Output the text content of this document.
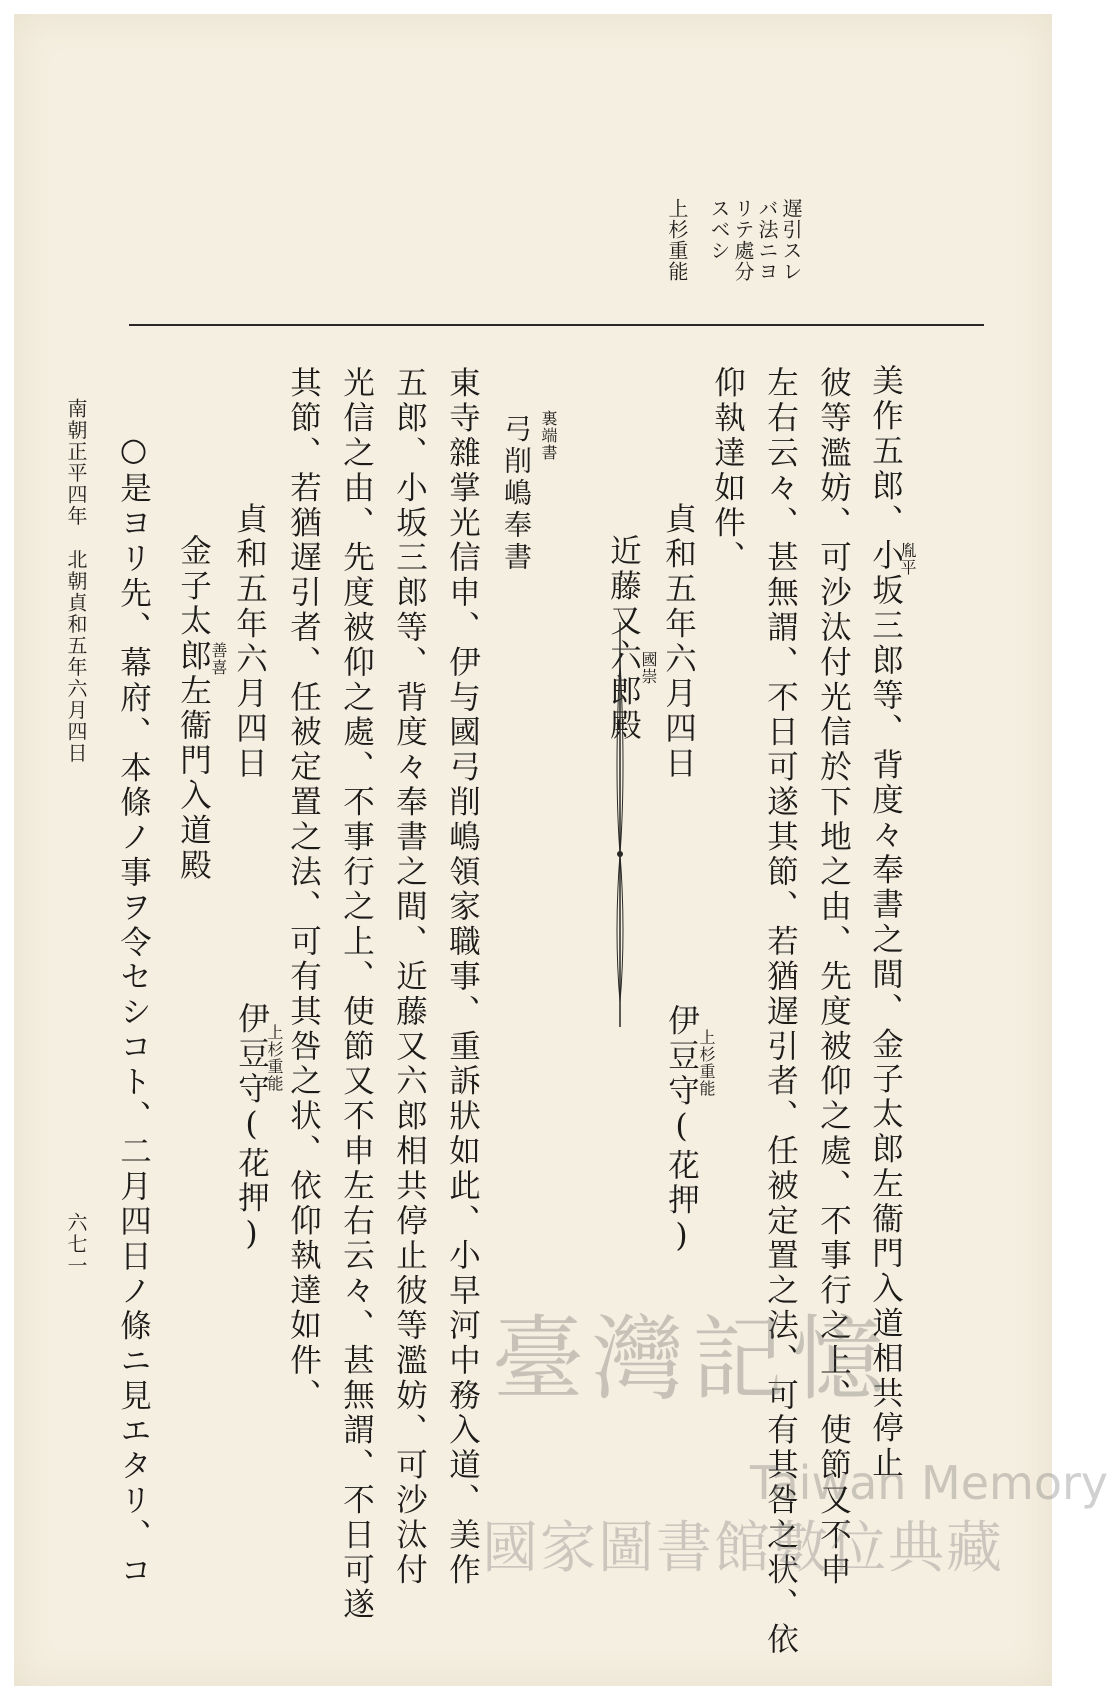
遅引スレ
バ法ニヨ
リテ處分
スベシ
上杉重能
美作五郎、小坂三郎等、背度々奉書之間、金子太郎左衞門入道相共停止
胤平
彼等濫妨、可沙汰付光信於下地之由、先度被仰之處、不事行之上、使節又不申
左右云々、甚無謂、不日可遂其節、若猶遅引者、任被定置之法、可有其咎之状、依
仰執達如件、
貞和五年六月四日
上杉重能
伊豆守(花押)
國崇
近藤又六郎殿
裏端書
弓削嶋奉書
東寺雜掌光信申、伊与國弓削嶋領家職事、重訴狀如此、小早河中務入道、美作
五郎、小坂三郎等、背度々奉書之間、近藤又六郎相共停止彼等濫妨、可沙汰付
光信之由、先度被仰之處、不事行之上、使節又不申左右云々、甚無謂、不日可遂
其節、若猶遅引者、任被定置之法、可有其咎之状、依仰執達如件、
貞和五年六月四日
上杉重能
伊豆守(花押)
金子太郎左衞門入道殿
善喜
○是ヨリ先、幕府、本條ノ事ヲ令セシコト、二月四日ノ條ニ見エタリ、コ
南朝正平四年
北朝貞和五年六月四日
六七一
臺灣記憶
Taiwan Memory
國家圖書館數位典藏
